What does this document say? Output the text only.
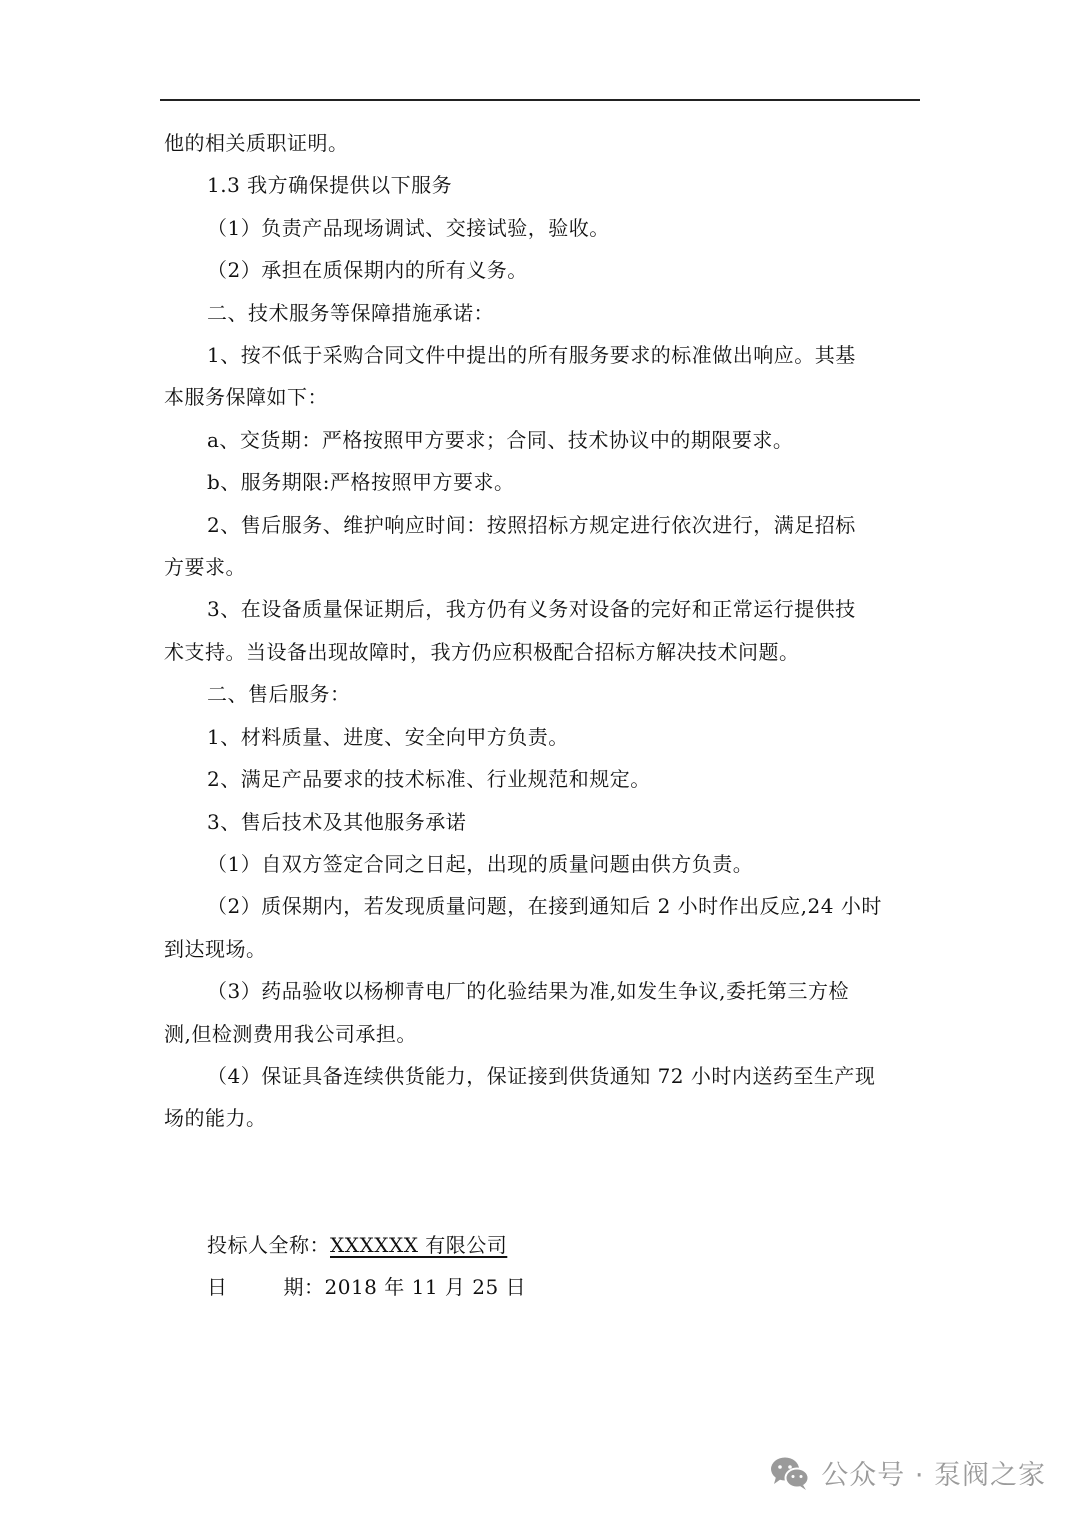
他的相关质职证明。

1.3 我方确保提供以下服务

（1）负责产品现场调试、交接试验，验收。

（2）承担在质保期内的所有义务。

二、技术服务等保障措施承诺：

1、按不低于采购合同文件中提出的所有服务要求的标准做出响应。其基

本服务保障如下：

a、交货期：严格按照甲方要求；合同、技术协议中的期限要求。

b、服务期限:严格按照甲方要求。

2、售后服务、维护响应时间：按照招标方规定进行依次进行，满足招标

方要求。

3、在设备质量保证期后，我方仍有义务对设备的完好和正常运行提供技

术支持。当设备出现故障时，我方仍应积极配合招标方解决技术问题。

二、售后服务：

1、材料质量、进度、安全向甲方负责。

2、满足产品要求的技术标准、行业规范和规定。

3、售后技术及其他服务承诺

（1）自双方签定合同之日起，出现的质量问题由供方负责。

（2）质保期内，若发现质量问题，在接到通知后 2 小时作出反应,24 小时

到达现场。

（3）药品验收以杨柳青电厂的化验结果为准,如发生争议,委托第三方检

测,但检测费用我公司承担。

（4）保证具备连续供货能力，保证接到供货通知 72 小时内送药至生产现

场的能力。

投标人全称：XXXXXX 有限公司
日	期：2018 年 11 月 25 日
公众号 · 泵阀之家
